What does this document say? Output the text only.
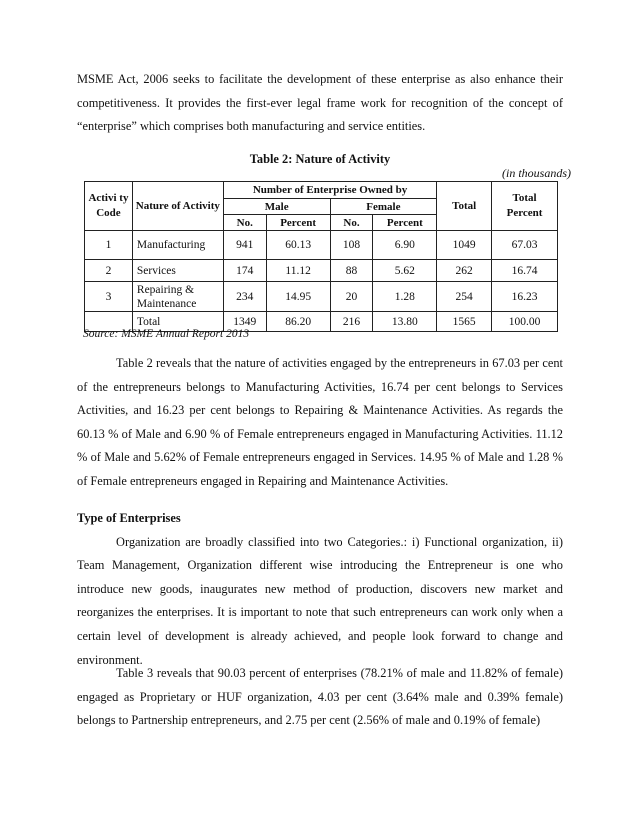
MSME Act, 2006 seeks to facilitate the development of these enterprise as also enhance their competitiveness. It provides the first-ever legal frame work for recognition of the concept of “enterprise” which comprises both manufacturing and service entities.

Table 2: Nature of Activity
(in thousands)
Activi ty Code	Nature of Activity	Number of Enterprise Owned by				Total	Total Percent
		Male		Female			
		No.	Percent	No.	Percent		
1	Manufacturing	941	60.13	108	6.90	1049	67.03
2	Services	174	11.12	88	5.62	262	16.74
3	Repairing & Maintenance	234	14.95	20	1.28	254	16.23
	Total	1349	86.20	216	13.80	1565	100.00
Source: MSME Annual Report 2013

Table 2 reveals that the nature of activities engaged by the entrepreneurs in 67.03 per cent of the entrepreneurs belongs to Manufacturing Activities, 16.74 per cent belongs to Services Activities, and 16.23 per cent belongs to Repairing & Maintenance Activities. As regards the 60.13 % of Male and 6.90 % of Female entrepreneurs engaged in Manufacturing Activities. 11.12 % of Male and 5.62% of Female entrepreneurs engaged in Services. 14.95 % of Male and 1.28 % of Female entrepreneurs engaged in Repairing and Maintenance Activities.

Type of Enterprises

Organization are broadly classified into two Categories.: i) Functional organization, ii) Team Management, Organization different wise introducing the Entrepreneur is one who introduce new goods, inaugurates new method of production, discovers new market and reorganizes the enterprises. It is important to note that such entrepreneurs can work only when a certain level of development is already achieved, and people look forward to change and environment.

Table 3 reveals that 90.03 percent of enterprises (78.21% of male and 11.82% of female) engaged as Proprietary or HUF organization, 4.03 per cent (3.64% male and 0.39% female) belongs to Partnership entrepreneurs, and 2.75 per cent (2.56% of male and 0.19% of female)
